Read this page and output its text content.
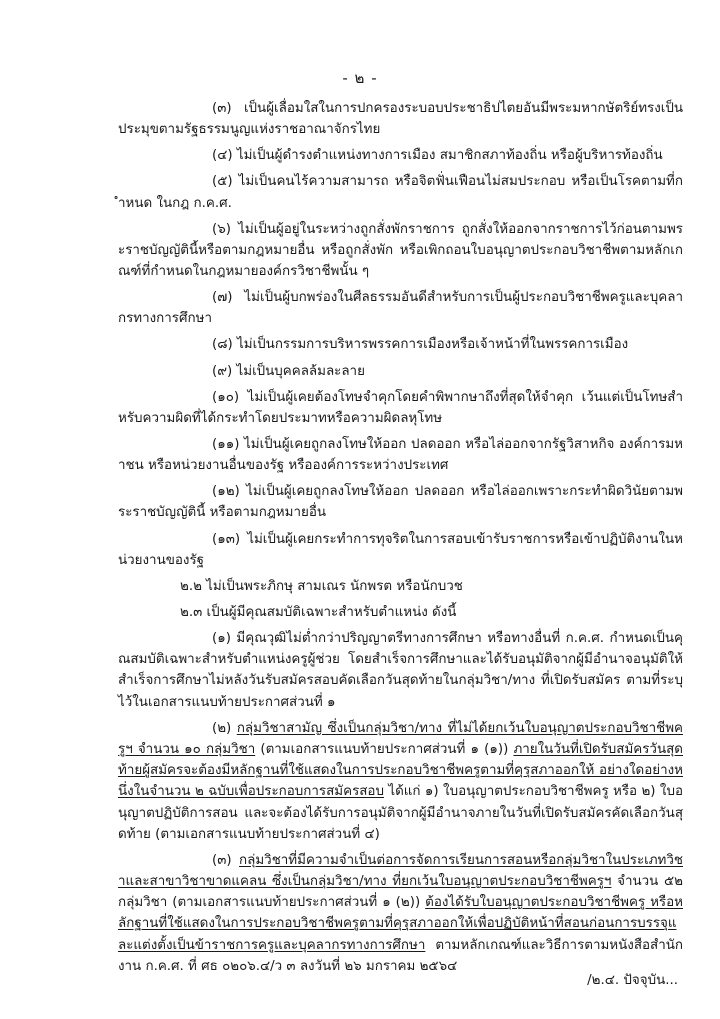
- ๒ -

(๓) เป็นผู้เลื่อมใสในการปกครองระบอบประชาธิปไตยอันมีพระมหากษัตริย์ทรงเป็นประมุขตามรัฐธรรมนูญแห่งราชอาณาจักรไทย

(๔) ไม่เป็นผู้ดำรงตำแหน่งทางการเมือง สมาชิกสภาท้องถิ่น หรือผู้บริหารท้องถิ่น

(๕) ไม่เป็นคนไร้ความสามารถ หรือจิตฟั่นเฟือนไม่สมประกอบ หรือเป็นโรคตามที่กำหนด ในกฎ ก.ค.ศ.

(๖) ไม่เป็นผู้อยู่ในระหว่างถูกสั่งพักราชการ ถูกสั่งให้ออกจากราชการไว้ก่อนตามพระราชบัญญัตินี้หรือตามกฎหมายอื่น หรือถูกสั่งพัก หรือเพิกถอนใบอนุญาตประกอบวิชาชีพตามหลักเกณฑ์ที่กำหนดในกฎหมายองค์กรวิชาชีพนั้น ๆ

(๗) ไม่เป็นผู้บกพร่องในศีลธรรมอันดีสำหรับการเป็นผู้ประกอบวิชาชีพครูและบุคลากรทางการศึกษา

(๘) ไม่เป็นกรรมการบริหารพรรคการเมืองหรือเจ้าหน้าที่ในพรรคการเมือง

(๙) ไม่เป็นบุคคลล้มละลาย

(๑๐) ไม่เป็นผู้เคยต้องโทษจำคุกโดยคำพิพากษาถึงที่สุดให้จำคุก เว้นแต่เป็นโทษสำหรับความผิดที่ได้กระทำโดยประมาทหรือความผิดลหุโทษ

(๑๑) ไม่เป็นผู้เคยถูกลงโทษให้ออก ปลดออก หรือไล่ออกจากรัฐวิสาหกิจ องค์การมหาชน หรือหน่วยงานอื่นของรัฐ หรือองค์การระหว่างประเทศ

(๑๒) ไม่เป็นผู้เคยถูกลงโทษให้ออก ปลดออก หรือไล่ออกเพราะกระทำผิดวินัยตามพระราชบัญญัตินี้ หรือตามกฎหมายอื่น

(๑๓) ไม่เป็นผู้เคยกระทำการทุจริตในการสอบเข้ารับราชการหรือเข้าปฏิบัติงานในหน่วยงานของรัฐ

๒.๒ ไม่เป็นพระภิกษุ สามเณร นักพรต หรือนักบวช

๒.๓ เป็นผู้มีคุณสมบัติเฉพาะสำหรับตำแหน่ง ดังนี้

(๑) มีคุณวุฒิไม่ต่ำกว่าปริญญาตรีทางการศึกษา หรือทางอื่นที่ ก.ค.ศ. กำหนดเป็นคุณสมบัติเฉพาะสำหรับตำแหน่งครูผู้ช่วย โดยสำเร็จการศึกษาและได้รับอนุมัติจากผู้มีอำนาจอนุมัติให้สำเร็จการศึกษาไม่หลังวันรับสมัครสอบคัดเลือกวันสุดท้ายในกลุ่มวิชา/ทาง ที่เปิดรับสมัคร ตามที่ระบุไว้ในเอกสารแนบท้ายประกาศส่วนที่ ๑

(๒) กลุ่มวิชาสามัญ ซึ่งเป็นกลุ่มวิชา/ทาง ที่ไม่ได้ยกเว้นใบอนุญาตประกอบวิชาชีพครูฯ จำนวน ๑๐ กลุ่มวิชา (ตามเอกสารแนบท้ายประกาศส่วนที่ ๑ (๑)) ภายในวันที่เปิดรับสมัครวันสุดท้ายผู้สมัครจะต้องมีหลักฐานที่ใช้แสดงในการประกอบวิชาชีพครูตามที่คุรุสภาออกให้ อย่างใดอย่างหนึ่งในจำนวน ๒ ฉบับเพื่อประกอบการสมัครสอบ ได้แก่ ๑) ใบอนุญาตประกอบวิชาชีพครู หรือ ๒) ใบอนุญาตปฏิบัติการสอน และจะต้องได้รับการอนุมัติจากผู้มีอำนาจภายในวันที่เปิดรับสมัครคัดเลือกวันสุดท้าย (ตามเอกสารแนบท้ายประกาศส่วนที่ ๔)

(๓) กลุ่มวิชาที่มีความจำเป็นต่อการจัดการเรียนการสอนหรือกลุ่มวิชาในประเภทวิชาและสาขาวิชาขาดแคลน ซึ่งเป็นกลุ่มวิชา/ทาง ที่ยกเว้นใบอนุญาตประกอบวิชาชีพครูฯ จำนวน ๕๒ กลุ่มวิชา (ตามเอกสารแนบท้ายประกาศส่วนที่ ๑ (๒)) ต้องได้รับใบอนุญาตประกอบวิชาชีพครู หรือหลักฐานที่ใช้แสดงในการประกอบวิชาชีพครูตามที่คุรุสภาออกให้เพื่อปฏิบัติหน้าที่สอนก่อนการบรรจุและแต่งตั้งเป็นข้าราชการครูและบุคลากรทางการศึกษา ตามหลักเกณฑ์และวิธีการตามหนังสือสำนักงาน ก.ค.ศ. ที่ ศธ ๐๒๐๖.๔/ว ๓ ลงวันที่ ๒๖ มกราคม ๒๕๖๔

/๒.๔. ปัจจุบัน...
